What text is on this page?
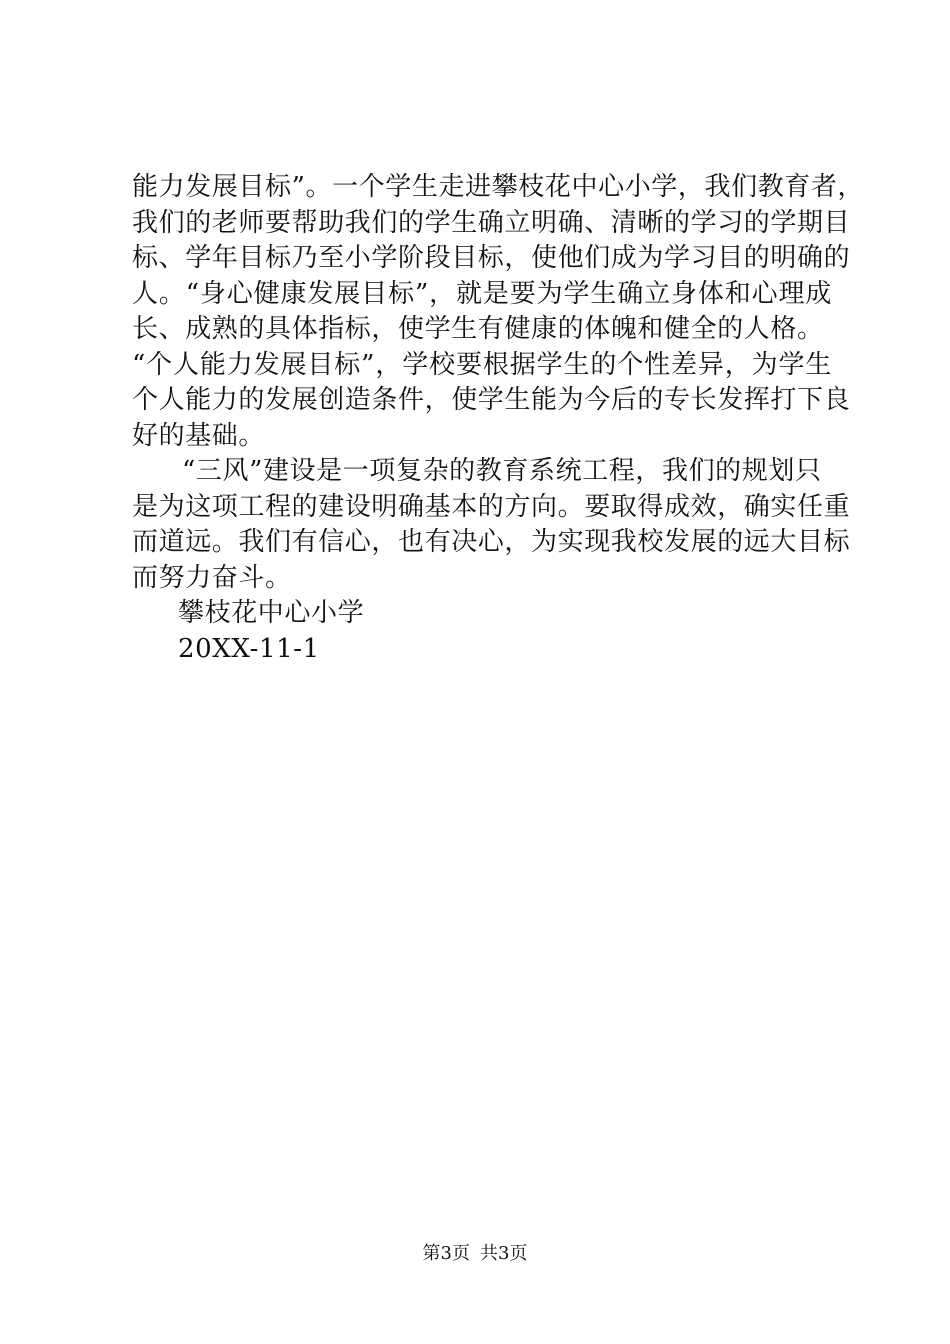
能力发展目标”。一个学生走进攀枝花中心小学，我们教育者，
我们的老师要帮助我们的学生确立明确、清晰的学习的学期目
标、学年目标乃至小学阶段目标，使他们成为学习目的明确的
人。“身心健康发展目标”，就是要为学生确立身体和心理成
长、成熟的具体指标，使学生有健康的体魄和健全的人格。
“个人能力发展目标”，学校要根据学生的个性差异，为学生
个人能力的发展创造条件，使学生能为今后的专长发挥打下良
好的基础。
“三风”建设是一项复杂的教育系统工程，我们的规划只
是为这项工程的建设明确基本的方向。要取得成效，确实任重
而道远。我们有信心，也有决心，为实现我校发展的远大目标
而努力奋斗。
攀枝花中心小学
20XX-11-1
第3页 共3页
